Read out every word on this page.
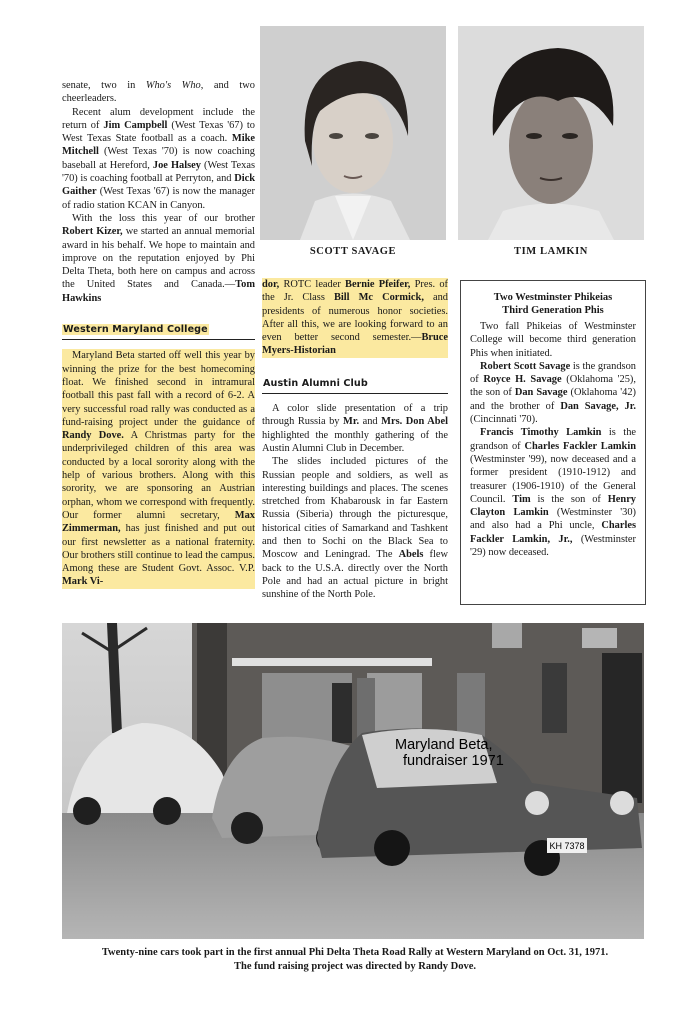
senate, two in Who's Who, and two cheerleaders.

Recent alum development include the return of Jim Campbell (West Texas '67) to West Texas State football as a coach. Mike Mitchell (West Texas '70) is now coaching baseball at Hereford, Joe Halsey (West Texas '70) is coaching football at Perryton, and Dick Gaither (West Texas '67) is now the manager of radio station KCAN in Canyon.

With the loss this year of our brother Robert Kizer, we started an annual memorial award in his behalf. We hope to maintain and improve on the reputation enjoyed by Phi Delta Theta, both here on campus and across the United States and Canada.—Tom Hawkins

Western Maryland College

Maryland Beta started off well this year by winning the prize for the best homecoming float. We finished second in intramural football this past fall with a record of 6-2. A very successful road rally was conducted as a fund-raising project under the guidance of Randy Dove. A Christmas party for the underprivileged children of this area was conducted by a local sorority along with the help of various brothers. Along with this sorority, we are sponsoring an Austrian orphan, whom we correspond with frequently. Our former alumni secretary, Max Zimmerman, has just finished and put out our first newsletter as a national fraternity. Our brothers still continue to lead the campus. Among these are Student Govt. Assoc. V.P. Mark Vi-

SCOTT SAVAGE	TIM LAMKIN

dor, ROTC leader Bernie Pfeifer, Pres. of the Jr. Class Bill Mc Cormick, and presidents of numerous honor societies. After all this, we are looking forward to an even better second semester.—Bruce Myers-Historian

Austin Alumni Club

A color slide presentation of a trip through Russia by Mr. and Mrs. Don Abel highlighted the monthly gathering of the Austin Alumni Club in December.

The slides included pictures of the Russian people and soldiers, as well as interesting buildings and places. The scenes stretched from Khabarousk in far Eastern Russia (Siberia) through the picturesque, historical cities of Samarkand and Tashkent and then to Sochi on the Black Sea to Moscow and Leningrad. The Abels flew back to the U.S.A. directly over the North Pole and had an actual picture in bright sunshine of the North Pole.

Two Westminster Phikeias
Third Generation Phis

Two fall Phikeias of Westminster College will become third generation Phis when initiated.

Robert Scott Savage is the grandson of Royce H. Savage (Oklahoma '25), the son of Dan Savage (Oklahoma '42) and the brother of Dan Savage, Jr. (Cincinnati '70).

Francis Timothy Lamkin is the grandson of Charles Fackler Lamkin (Westminster '99), now deceased and a former president (1910-1912) and treasurer (1906-1910) of the General Council. Tim is the son of Henry Clayton Lamkin (Westminster '30) and also had a Phi uncle, Charles Fackler Lamkin, Jr., (Westminster '29) now deceased.

KH 7378
Maryland Beta,
fundraiser 1971
Twenty-nine cars took part in the first annual Phi Delta Theta Road Rally at Western Maryland on Oct. 31, 1971.
The fund raising project was directed by Randy Dove.
